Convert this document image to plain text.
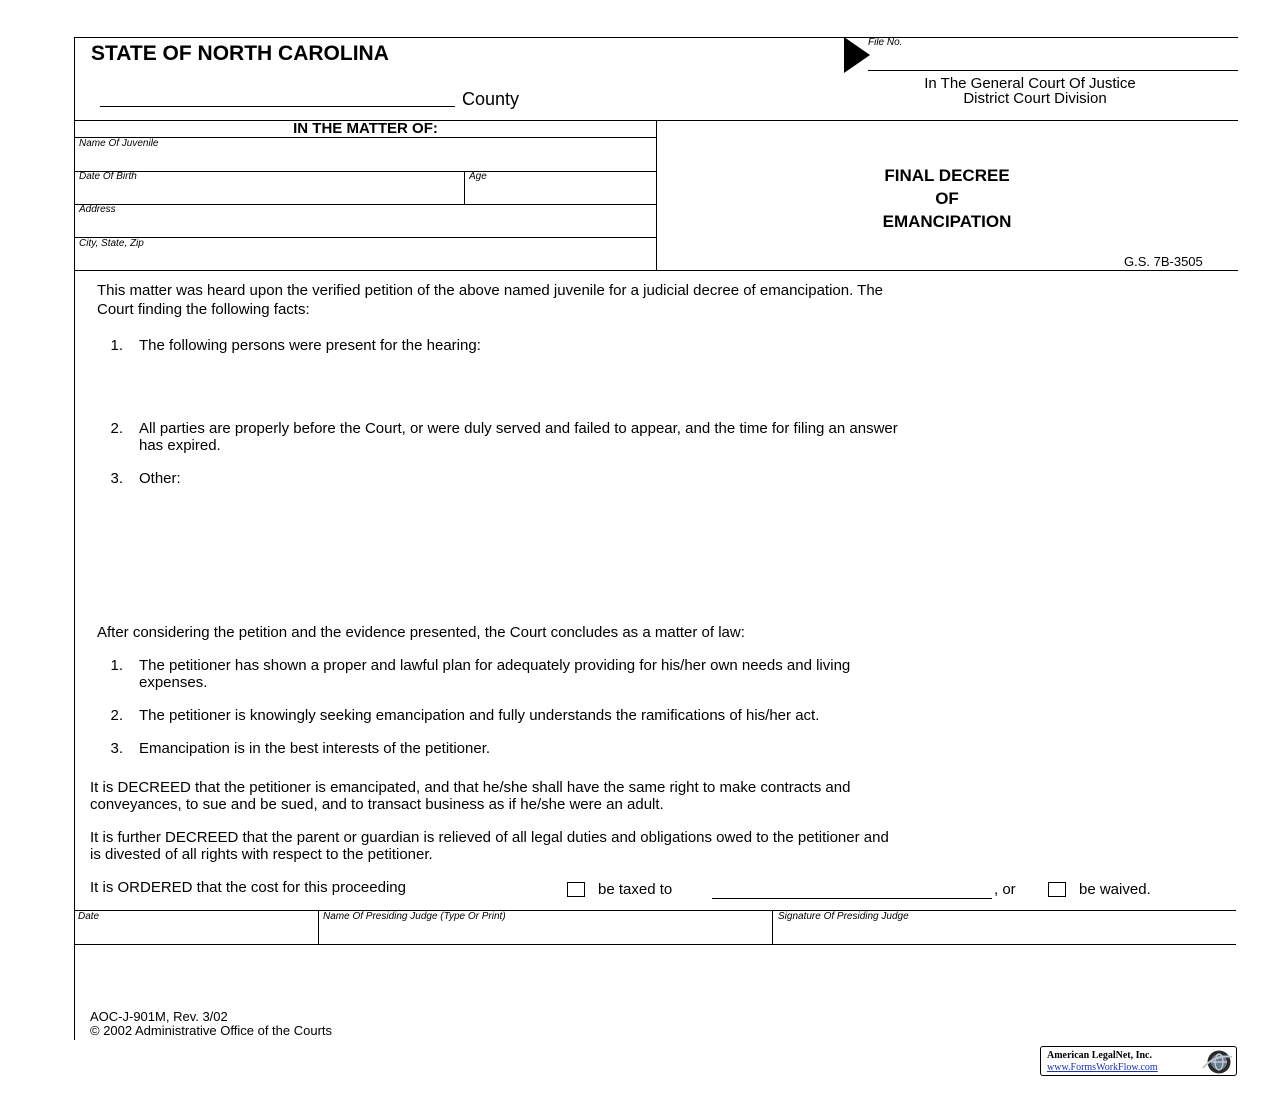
STATE OF NORTH CAROLINA
County
File No.
In The General Court Of Justice
District Court Division
IN THE MATTER OF:
Name Of Juvenile
Date Of Birth	Age
Address
City, State, Zip
FINAL DECREE
OF
EMANCIPATION
G.S. 7B-3505
This matter was heard upon the verified petition of the above named juvenile for a judicial decree of emancipation. The
Court finding the following facts:
1. The following persons were present for the hearing:
2. All parties are properly before the Court, or were duly served and failed to appear, and the time for filing an answer
has expired.
3. Other:
After considering the petition and the evidence presented, the Court concludes as a matter of law:
1. The petitioner has shown a proper and lawful plan for adequately providing for his/her own needs and living
expenses.
2. The petitioner is knowingly seeking emancipation and fully understands the ramifications of his/her act.
3. Emancipation is in the best interests of the petitioner.
It is DECREED that the petitioner is emancipated, and that he/she shall have the same right to make contracts and
conveyances, to sue and be sued, and to transact business as if he/she were an adult.
It is further DECREED that the parent or guardian is relieved of all legal duties and obligations owed to the petitioner and
is divested of all rights with respect to the petitioner.
It is ORDERED that the cost for this proceeding	be taxed to	, or	be waived.
Date	Name Of Presiding Judge (Type Or Print)	Signature Of Presiding Judge
AOC-J-901M, Rev. 3/02
© 2002 Administrative Office of the Courts
American LegalNet, Inc.
www.FormsWorkFlow.com
